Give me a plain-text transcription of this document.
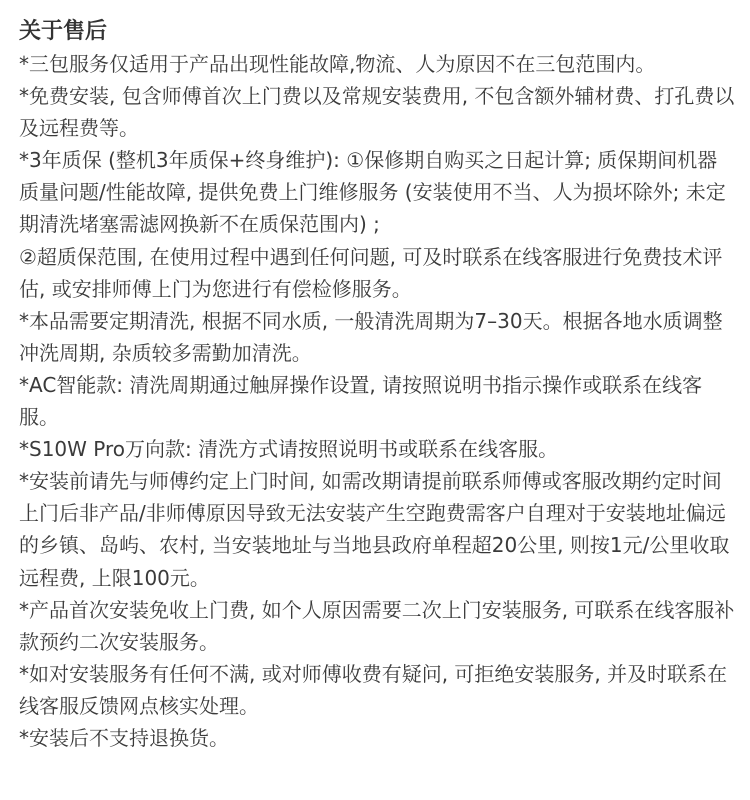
关于售后

*三包服务仅适用于产品出现性能故障,物流、人为原因不在三包范围内。

*免费安装, 包含师傅首次上门费以及常规安装费用, 不包含额外辅材费、打孔费以及远程费等。

*3年质保 (整机3年质保+终身维护): ①保修期自购买之日起计算; 质保期间机器质量问题/性能故障, 提供免费上门维修服务 (安装使用不当、人为损坏除外; 未定期清洗堵塞需滤网换新不在质保范围内) ;

②超质保范围, 在使用过程中遇到任何问题, 可及时联系在线客服进行免费技术评估, 或安排师傅上门为您进行有偿检修服务。

*本品需要定期清洗, 根据不同水质, 一般清洗周期为7–30天。根据各地水质调整冲洗周期, 杂质较多需勤加清洗。

*AC智能款: 清洗周期通过触屏操作设置, 请按照说明书指示操作或联系在线客服。

*S10W Pro万向款: 清洗方式请按照说明书或联系在线客服。

*安装前请先与师傅约定上门时间, 如需改期请提前联系师傅或客服改期约定时间上门后非产品/非师傅原因导致无法安装产生空跑费需客户自理对于安装地址偏远的乡镇、岛屿、农村, 当安装地址与当地县政府单程超20公里, 则按1元/公里收取远程费, 上限100元。

*产品首次安装免收上门费, 如个人原因需要二次上门安装服务, 可联系在线客服补款预约二次安装服务。

*如对安装服务有任何不满, 或对师傅收费有疑问, 可拒绝安装服务, 并及时联系在线客服反馈网点核实处理。

*安装后不支持退换货。
